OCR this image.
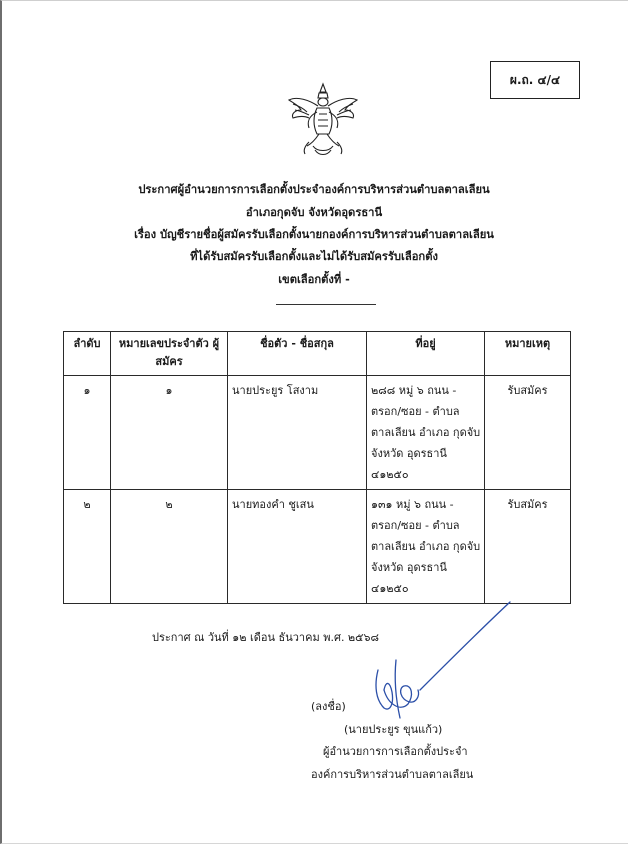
ผ.ถ. ๔/๔
ประกาศผู้อำนวยการการเลือกตั้งประจำองค์การบริหารส่วนตำบลตาลเลียน
อำเภอกุดจับ จังหวัดอุดรธานี
เรื่อง บัญชีรายชื่อผู้สมัครรับเลือกตั้งนายกองค์การบริหารส่วนตำบลตาลเลียน
ที่ได้รับสมัครรับเลือกตั้งและไม่ได้รับสมัครรับเลือกตั้ง
เขตเลือกตั้งที่ -
ลำดับ	หมายเลขประจำตัว ผู้สมัคร	ชื่อตัว - ชื่อสกุล	ที่อยู่	หมายเหตุ
๑	๑	นายประยูร โสงาม	๒๘๘ หมู่ ๖ ถนน - ตรอก/ซอย - ตำบล ตาลเลียน อำเภอ กุดจับ จังหวัด อุดรธานี ๔๑๒๕๐	รับสมัคร
๒	๒	นายทองคำ ชูเสน	๑๓๑ หมู่ ๖ ถนน - ตรอก/ซอย - ตำบล ตาลเลียน อำเภอ กุดจับ จังหวัด อุดรธานี ๔๑๒๕๐	รับสมัคร
ประกาศ ณ วันที่ ๑๒ เดือน ธันวาคม พ.ศ. ๒๕๖๘
(ลงชื่อ)
(นายประยูร ขุนแก้ว)
ผู้อำนวยการการเลือกตั้งประจำ
องค์การบริหารส่วนตำบลตาลเลียน
